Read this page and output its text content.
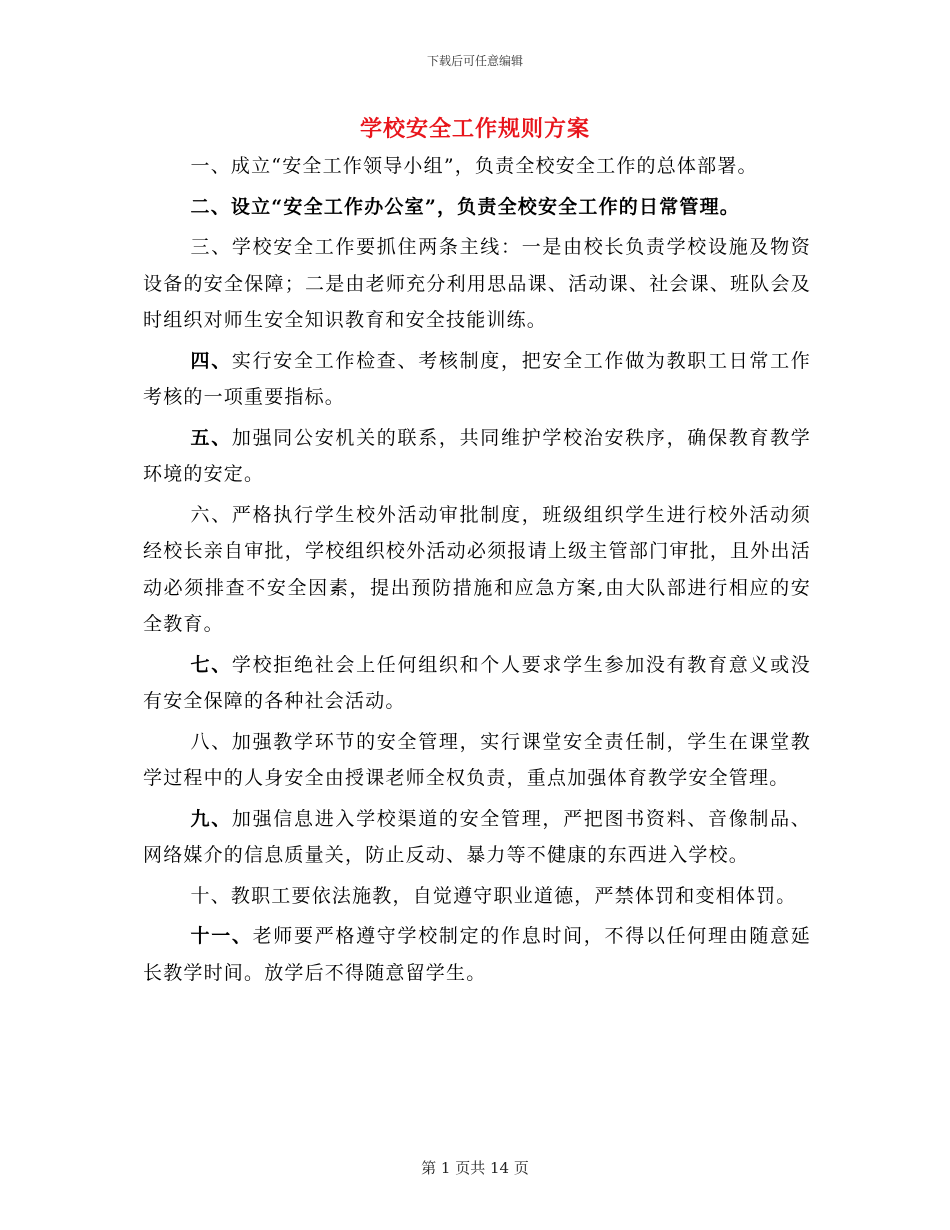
下载后可任意编辑
学校安全工作规则方案

一、成立“安全工作领导小组”，负责全校安全工作的总体部署。

二、设立“安全工作办公室”，负责全校安全工作的日常管理。

三、学校安全工作要抓住两条主线：一是由校长负责学校设施及物资设备的安全保障；二是由老师充分利用思品课、活动课、社会课、班队会及时组织对师生安全知识教育和安全技能训练。

四、实行安全工作检查、考核制度，把安全工作做为教职工日常工作考核的一项重要指标。

五、加强同公安机关的联系，共同维护学校治安秩序，确保教育教学环境的安定。

六、严格执行学生校外活动审批制度，班级组织学生进行校外活动须经校长亲自审批，学校组织校外活动必须报请上级主管部门审批，且外出活动必须排查不安全因素，提出预防措施和应急方案,由大队部进行相应的安全教育。

七、学校拒绝社会上任何组织和个人要求学生参加没有教育意义或没有安全保障的各种社会活动。

八、加强教学环节的安全管理，实行课堂安全责任制，学生在课堂教学过程中的人身安全由授课老师全权负责，重点加强体育教学安全管理。

九、加强信息进入学校渠道的安全管理，严把图书资料、音像制品、网络媒介的信息质量关，防止反动、暴力等不健康的东西进入学校。

十、教职工要依法施教，自觉遵守职业道德，严禁体罚和变相体罚。

十一、老师要严格遵守学校制定的作息时间，不得以任何理由随意延长教学时间。放学后不得随意留学生。

第 1 页共 14 页
